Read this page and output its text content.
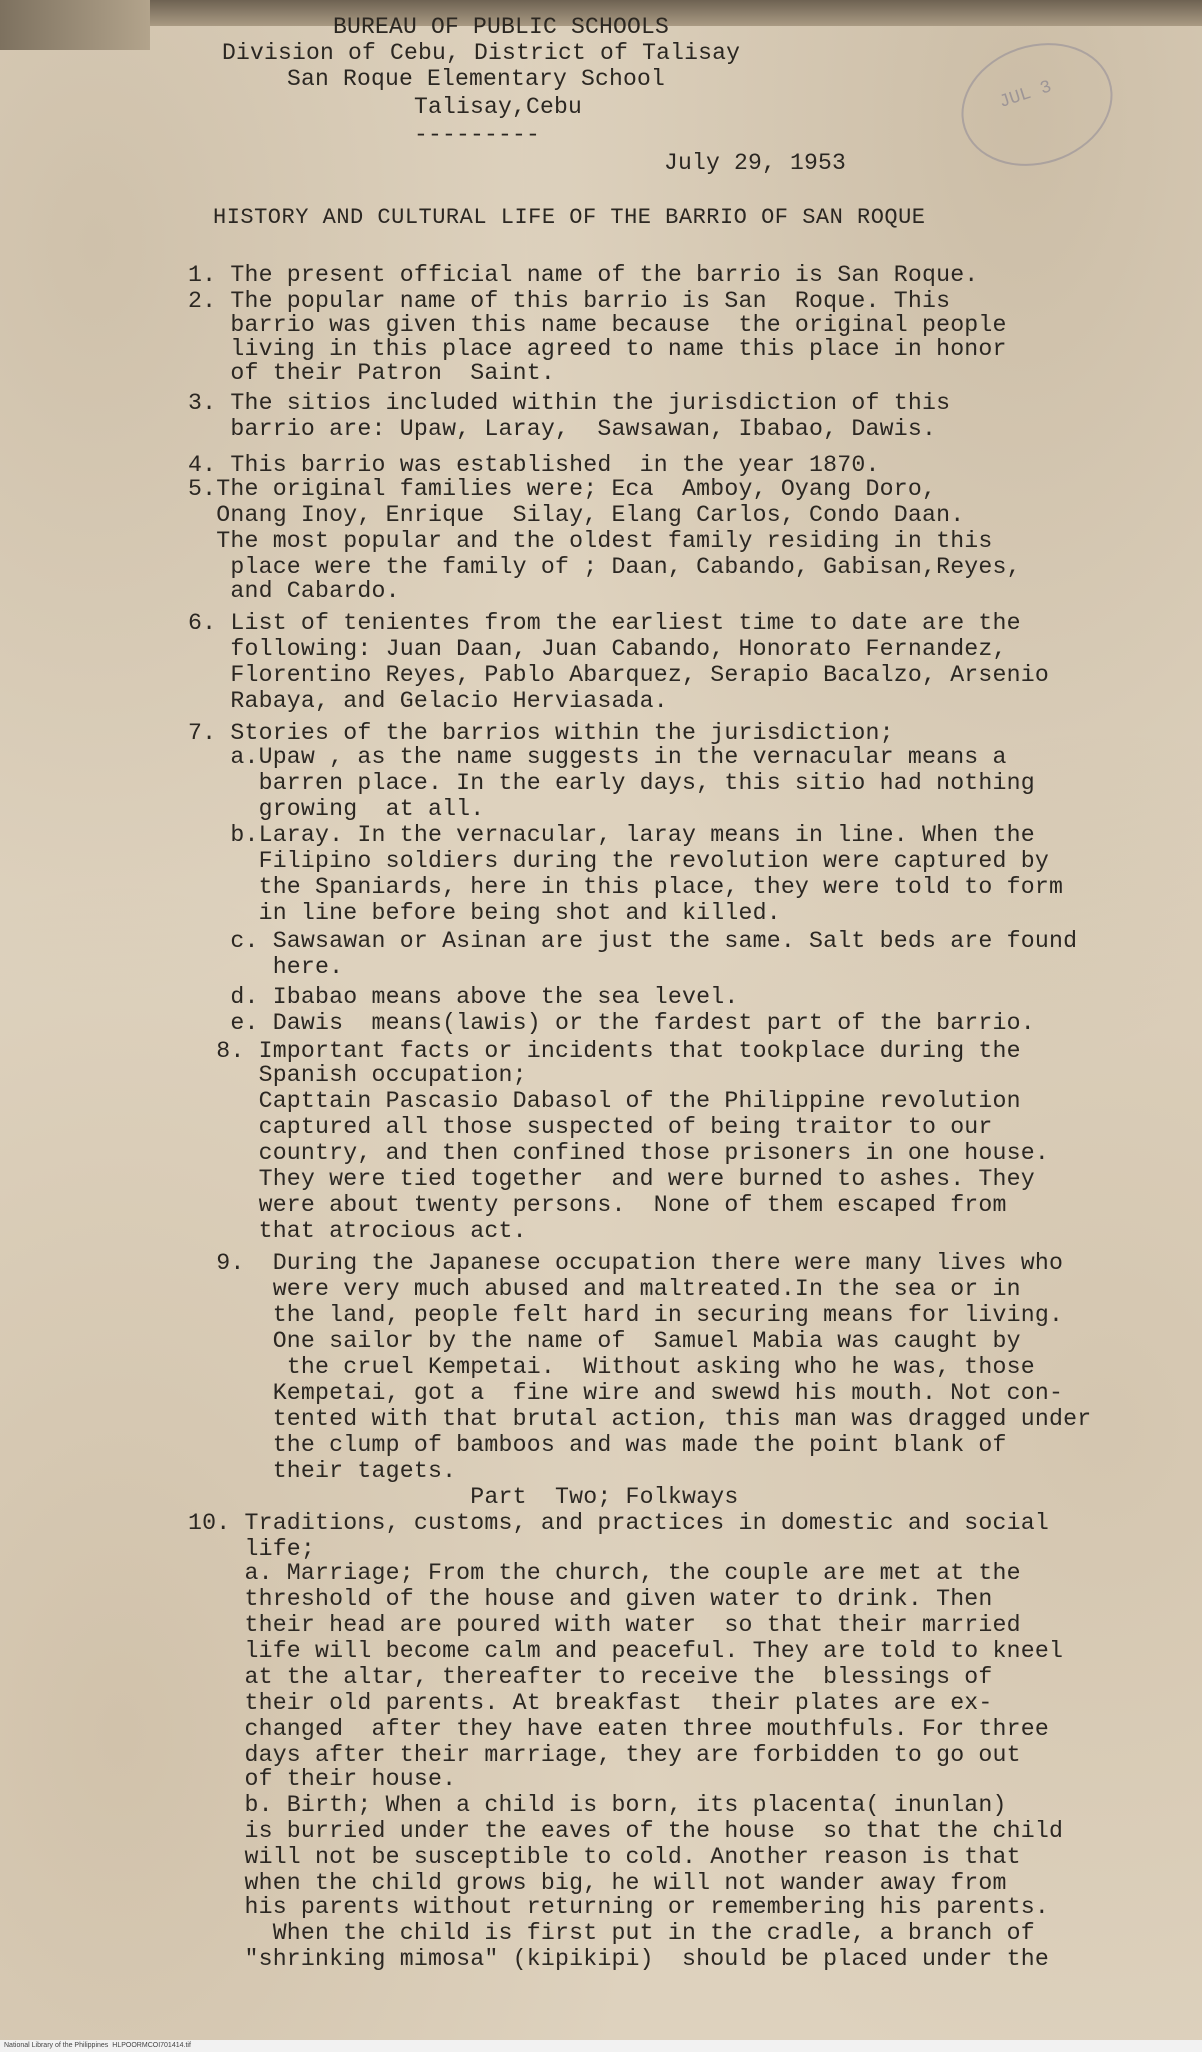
JUL 3
BUREAU OF PUBLIC SCHOOLS
Division of Cebu, District of Talisay
San Roque Elementary School
Talisay,Cebu
---------
July 29, 1953
HISTORY AND CULTURAL LIFE OF THE BARRIO OF SAN ROQUE
1. The present official name of the barrio is San Roque.
2. The popular name of this barrio is San  Roque. This
barrio was given this name because  the original people
living in this place agreed to name this place in honor
of their Patron  Saint.
3. The sitios included within the jurisdiction of this
barrio are: Upaw, Laray,  Sawsawan, Ibabao, Dawis.
4. This barrio was established  in the year 1870.
5.The original families were; Eca  Amboy, Oyang Doro,
Onang Inoy, Enrique  Silay, Elang Carlos, Condo Daan.
The most popular and the oldest family residing in this
place were the family of ; Daan, Cabando, Gabisan,Reyes,
and Cabardo.
6. List of tenientes from the earliest time to date are the
following: Juan Daan, Juan Cabando, Honorato Fernandez,
Florentino Reyes, Pablo Abarquez, Serapio Bacalzo, Arsenio
Rabaya, and Gelacio Herviasada.
7. Stories of the barrios within the jurisdiction;
a.Upaw , as the name suggests in the vernacular means a
barren place. In the early days, this sitio had nothing
growing  at all.
b.Laray. In the vernacular, laray means in line. When the
Filipino soldiers during the revolution were captured by
the Spaniards, here in this place, they were told to form
in line before being shot and killed.
c. Sawsawan or Asinan are just the same. Salt beds are found
here.
d. Ibabao means above the sea level.
e. Dawis  means(lawis) or the fardest part of the barrio.
8. Important facts or incidents that tookplace during the
Spanish occupation;
Capttain Pascasio Dabasol of the Philippine revolution
captured all those suspected of being traitor to our
country, and then confined those prisoners in one house.
They were tied together  and were burned to ashes. They
were about twenty persons.  None of them escaped from
that atrocious act.
9.  During the Japanese occupation there were many lives who
were very much abused and maltreated.In the sea or in
the land, people felt hard in securing means for living.
One sailor by the name of  Samuel Mabia was caught by
the cruel Kempetai.  Without asking who he was, those
Kempetai, got a  fine wire and swewd his mouth. Not con-
tented with that brutal action, this man was dragged under
the clump of bamboos and was made the point blank of
their tagets.
Part  Two; Folkways
10. Traditions, customs, and practices in domestic and social
life;
a. Marriage; From the church, the couple are met at the
threshold of the house and given water to drink. Then
their head are poured with water  so that their married
life will become calm and peaceful. They are told to kneel
at the altar, thereafter to receive the  blessings of
their old parents. At breakfast  their plates are ex-
changed  after they have eaten three mouthfuls. For three
days after their marriage, they are forbidden to go out
of their house.
b. Birth; When a child is born, its placenta( inunlan)
is burried under the eaves of the house  so that the child
will not be susceptible to cold. Another reason is that
when the child grows big, he will not wander away from
his parents without returning or remembering his parents.
When the child is first put in the cradle, a branch of
"shrinking mimosa" (kipikipi)  should be placed under the
National Library of the Philippines HLPOORMCOI701414.tif
